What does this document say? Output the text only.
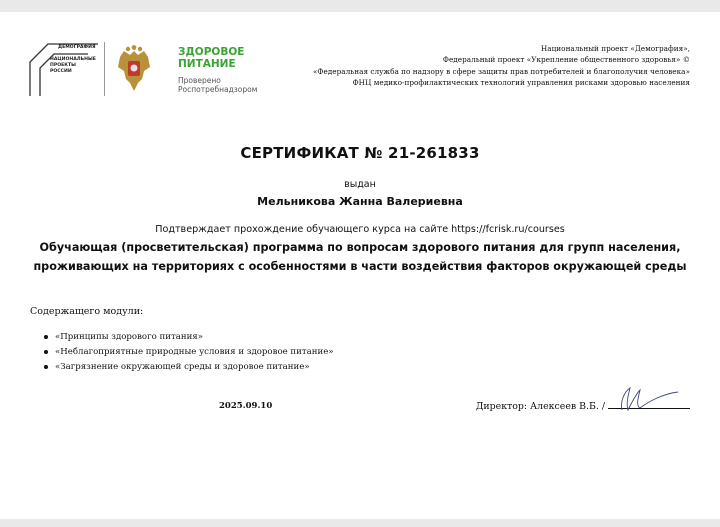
ДЕМОГРАФИЯ
НАЦИОНАЛЬНЫЕ ПРОЕКТЫ РОССИИ
ЗДОРОВОЕ ПИТАНИЕ
Проверено Роспотребнадзором
Национальный проект «Демография»,
Федеральный проект «Укрепление общественного здоровья» ©
«Федеральная служба по надзору в сфере защиты прав потребителей и благополучия человека»
ФНЦ медико-профилактических технологий управления рисками здоровью населения
СЕРТИФИКАТ № 21-261833
выдан
Мельникова Жанна Валериевна
Подтверждает прохождение обучающего курса на сайте https://fcrisk.ru/courses
Обучающая (просветительская) программа по вопросам здорового питания для групп населения, проживающих на территориях с особенностями в части воздействия факторов окружающей среды
Содержащего модули:
«Принципы здорового питания»
«Неблагоприятные природные условия и здоровое питание»
«Загрязнение окружающей среды и здоровое питание»
2025.09.10	Директор: Алексеев В.Б. /
